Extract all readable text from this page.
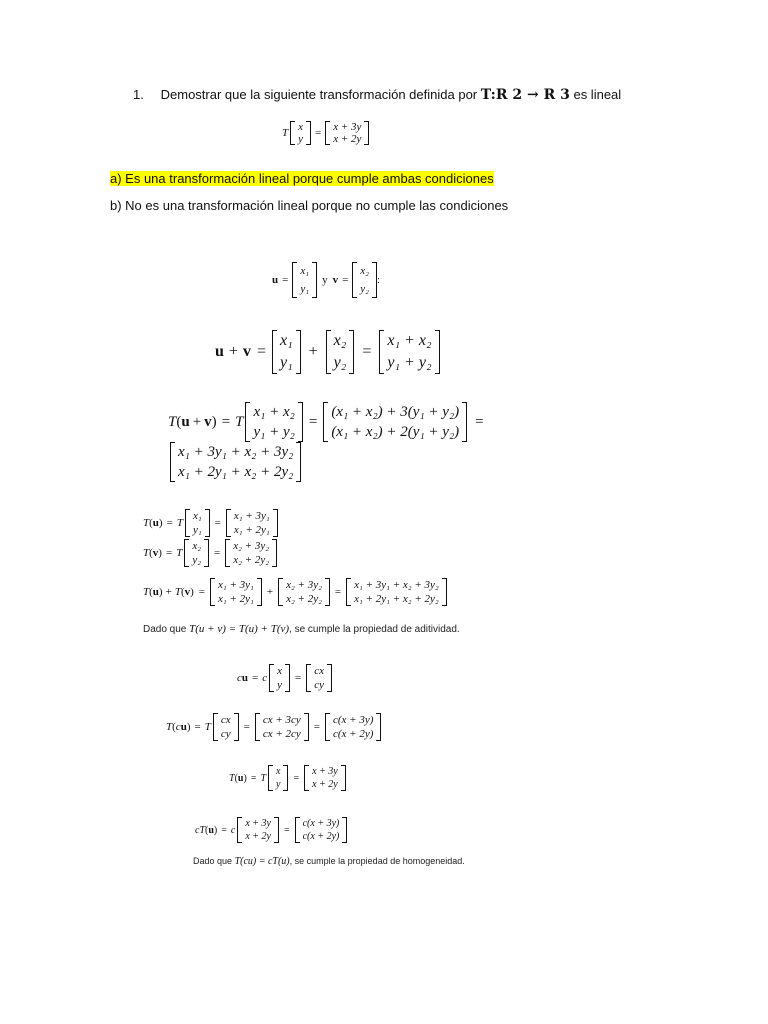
1. Demostrar que la siguiente transformación definida por T:R 2 → R 3 es lineal
T x
y = x + 3y
x + 2y
a) Es una transformación lineal porque cumple ambas condiciones
b) No es una transformación lineal porque no cumple las condiciones
u =
x₁
y₁
y v =
x₂
y₂
:
u + v =
x₁
y₁
+
x₂
y₂
=
x₁ + x₂
y₁ + y₂
T ( u + v ) = T
x₁ + x₂
y₁ + y₂
=
(x₁ + x₂) + 3(y₁ + y₂)
(x₁ + x₂) + 2(y₁ + y₂)
=
x₁ + 3y₁ + x₂ + 3y₂
x₁ + 2y₁ + x₂ + 2y₂
T ( u ) = T
x₁
y₁
=
x₁ + 3y₁
x₁ + 2y₁
T ( v ) = T
x₂
y₂
=
x₂ + 3y₂
x₂ + 2y₂
T ( u ) + T ( v ) =
x₁ + 3y₁
x₁ + 2y₁
+
x₂ + 3y₂
x₂ + 2y₂
=
x₁ + 3y₁ + x₂ + 3y₂
x₁ + 2y₁ + x₂ + 2y₂
Dado que T(u + v) = T(u) + T(v), se cumple la propiedad de aditividad.
c u = c
x
y
=
cx
cy
T ( c u ) = T
cx
cy
=
cx + 3cy
cx + 2cy
=
c(x + 3y)
c(x + 2y)
T ( u ) = T
x
y
=
x + 3y
x + 2y
cT ( u ) = c
x + 3y
x + 2y
=
c(x + 3y)
c(x + 2y)
Dado que T(cu) = cT(u), se cumple la propiedad de homogeneidad.
